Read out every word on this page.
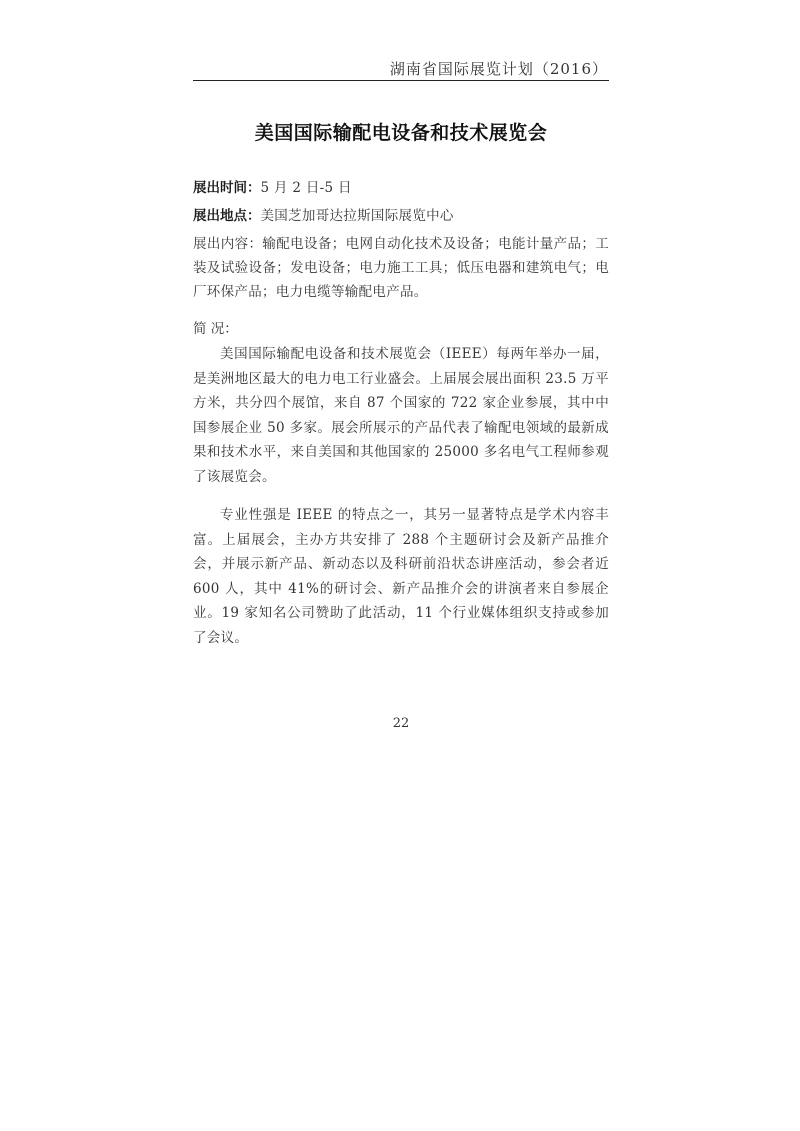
湖南省国际展览计划（2016）
美国国际输配电设备和技术展览会
展出时间：5 月 2 日-5 日
展出地点：美国芝加哥达拉斯国际展览中心
展出内容：输配电设备；电网自动化技术及设备；电能计量产品；工装及试验设备；发电设备；电力施工工具；低压电器和建筑电气；电厂环保产品；电力电缆等输配电产品。
简 况：
美国国际输配电设备和技术展览会（IEEE）每两年举办一届，是美洲地区最大的电力电工行业盛会。上届展会展出面积 23.5 万平方米，共分四个展馆，来自 87 个国家的 722 家企业参展，其中中国参展企业 50 多家。展会所展示的产品代表了输配电领域的最新成果和技术水平，来自美国和其他国家的 25000 多名电气工程师参观了该展览会。
专业性强是 IEEE 的特点之一，其另一显著特点是学术内容丰富。上届展会，主办方共安排了 288 个主题研讨会及新产品推介会，并展示新产品、新动态以及科研前沿状态讲座活动，参会者近 600 人，其中 41%的研讨会、新产品推介会的讲演者来自参展企业。19 家知名公司赞助了此活动，11 个行业媒体组织支持或参加了会议。
22
